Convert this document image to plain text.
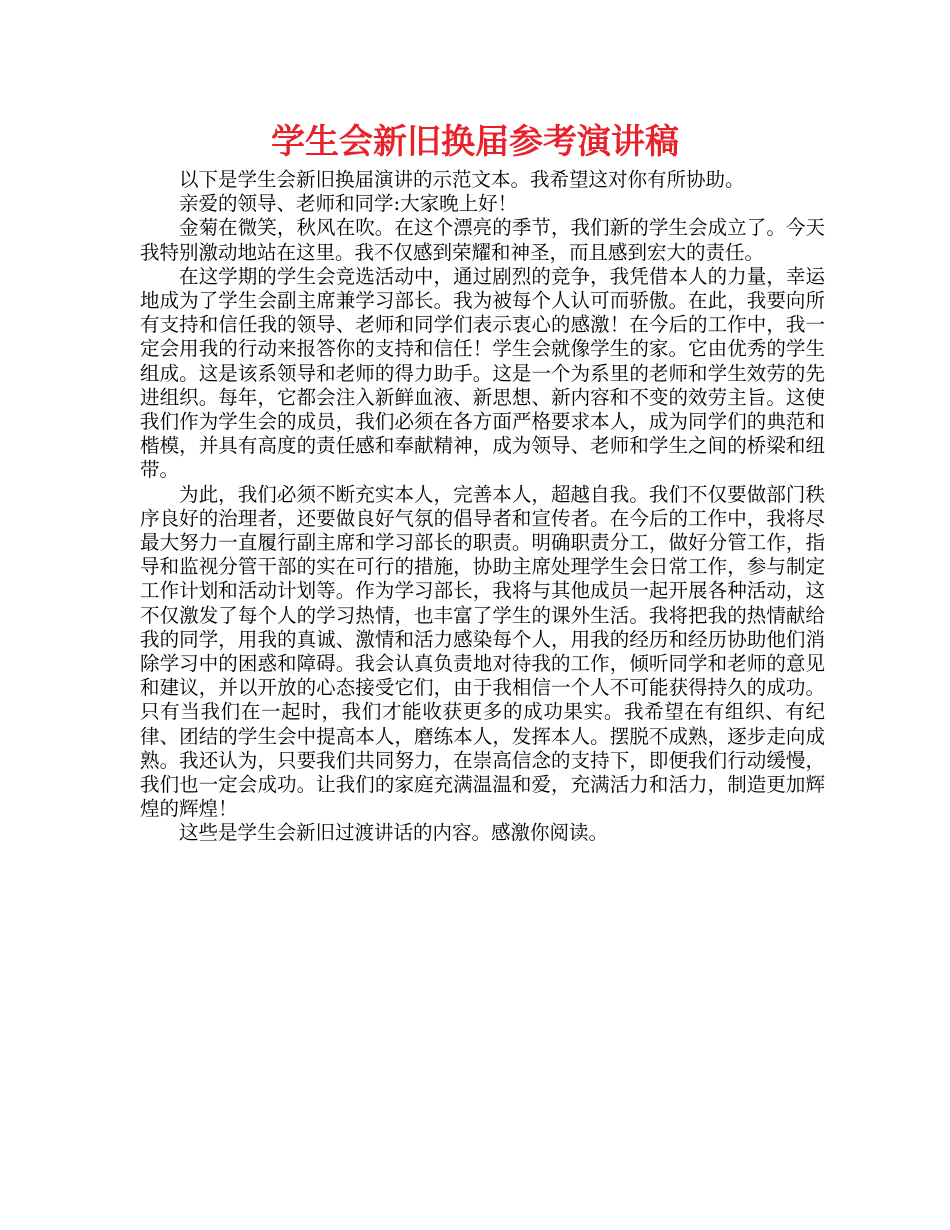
学生会新旧换届参考演讲稿

以下是学生会新旧换届演讲的示范文本。我希望这对你有所协助。

亲爱的领导、老师和同学:大家晚上好！

金菊在微笑，秋风在吹。在这个漂亮的季节，我们新的学生会成立了。今天我特别激动地站在这里。我不仅感到荣耀和神圣，而且感到宏大的责任。

在这学期的学生会竞选活动中，通过剧烈的竞争，我凭借本人的力量，幸运地成为了学生会副主席兼学习部长。我为被每个人认可而骄傲。在此，我要向所有支持和信任我的领导、老师和同学们表示衷心的感激！在今后的工作中，我一定会用我的行动来报答你的支持和信任！学生会就像学生的家。它由优秀的学生组成。这是该系领导和老师的得力助手。这是一个为系里的老师和学生效劳的先进组织。每年，它都会注入新鲜血液、新思想、新内容和不变的效劳主旨。这使我们作为学生会的成员，我们必须在各方面严格要求本人，成为同学们的典范和楷模，并具有高度的责任感和奉献精神，成为领导、老师和学生之间的桥梁和纽带。

为此，我们必须不断充实本人，完善本人，超越自我。我们不仅要做部门秩序良好的治理者，还要做良好气氛的倡导者和宣传者。在今后的工作中，我将尽最大努力一直履行副主席和学习部长的职责。明确职责分工，做好分管工作，指导和监视分管干部的实在可行的措施，协助主席处理学生会日常工作，参与制定工作计划和活动计划等。作为学习部长，我将与其他成员一起开展各种活动，这不仅激发了每个人的学习热情，也丰富了学生的课外生活。我将把我的热情献给我的同学，用我的真诚、激情和活力感染每个人，用我的经历和经历协助他们消除学习中的困惑和障碍。我会认真负责地对待我的工作，倾听同学和老师的意见和建议，并以开放的心态接受它们，由于我相信一个人不可能获得持久的成功。只有当我们在一起时，我们才能收获更多的成功果实。我希望在有组织、有纪律、团结的学生会中提高本人，磨练本人，发挥本人。摆脱不成熟，逐步走向成熟。我还认为，只要我们共同努力，在崇高信念的支持下，即便我们行动缓慢，我们也一定会成功。让我们的家庭充满温温和爱，充满活力和活力，制造更加辉煌的辉煌！

这些是学生会新旧过渡讲话的内容。感激你阅读。
